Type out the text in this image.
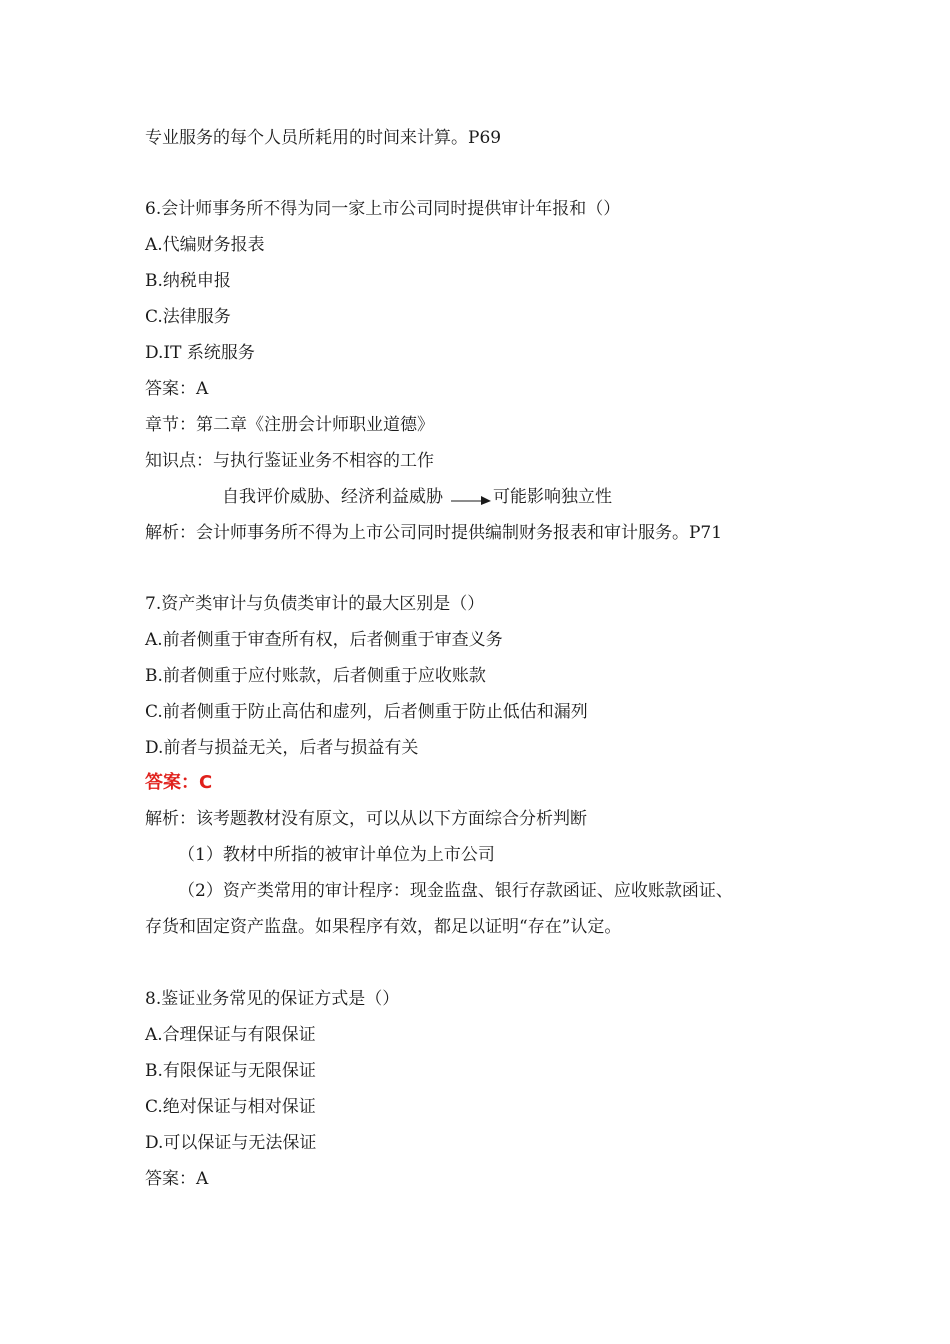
专业服务的每个人员所耗用的时间来计算。P69
6.会计师事务所不得为同一家上市公司同时提供审计年报和（）
A.代编财务报表
B.纳税申报
C.法律服务
D.IT 系统服务
答案：A
章节：第二章《注册会计师职业道德》
知识点：与执行鉴证业务不相容的工作
自我评价威胁、经济利益威胁	可能影响独立性
解析：会计师事务所不得为上市公司同时提供编制财务报表和审计服务。P71
7.资产类审计与负债类审计的最大区别是（）
A.前者侧重于审查所有权，后者侧重于审查义务
B.前者侧重于应付账款，后者侧重于应收账款
C.前者侧重于防止高估和虚列，后者侧重于防止低估和漏列
D.前者与损益无关，后者与损益有关
答案：C
解析：该考题教材没有原文，可以从以下方面综合分析判断
（1）教材中所指的被审计单位为上市公司
（2）资产类常用的审计程序：现金监盘、银行存款函证、应收账款函证、
存货和固定资产监盘。如果程序有效，都足以证明“存在”认定。
8.鉴证业务常见的保证方式是（）
A.合理保证与有限保证
B.有限保证与无限保证
C.绝对保证与相对保证
D.可以保证与无法保证
答案：A
